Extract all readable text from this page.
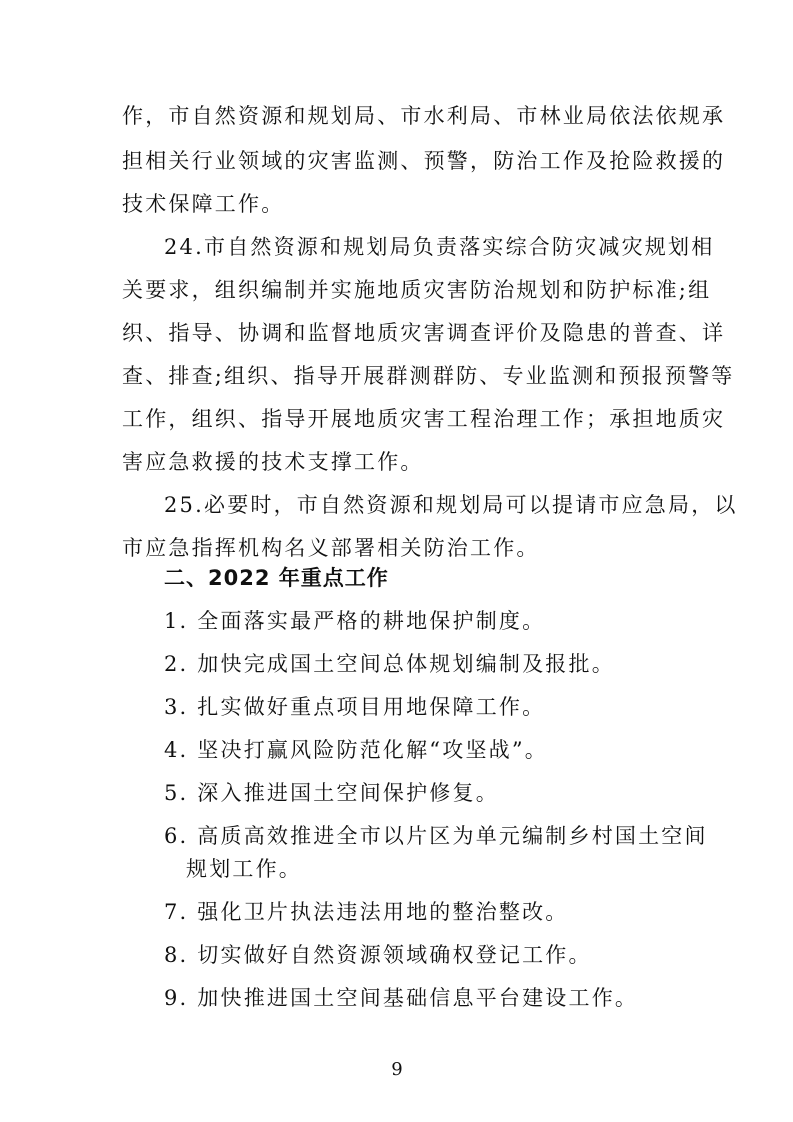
作，市自然资源和规划局、市水利局、市林业局依法依规承
担相关行业领域的灾害监测、预警，防治工作及抢险救援的
技术保障工作。
24.市自然资源和规划局负责落实综合防灾减灾规划相
关要求，组织编制并实施地质灾害防治规划和防护标准;组
织、指导、协调和监督地质灾害调查评价及隐患的普查、详
查、排查;组织、指导开展群测群防、专业监测和预报预警等
工作，组织、指导开展地质灾害工程治理工作；承担地质灾
害应急救援的技术支撑工作。
25.必要时，市自然资源和规划局可以提请市应急局，以
市应急指挥机构名义部署相关防治工作。
二、2022 年重点工作
1. 全面落实最严格的耕地保护制度。
2. 加快完成国土空间总体规划编制及报批。
3. 扎实做好重点项目用地保障工作。
4. 坚决打赢风险防范化解“攻坚战”。
5. 深入推进国土空间保护修复。
6. 高质高效推进全市以片区为单元编制乡村国土空间
规划工作。
7. 强化卫片执法违法用地的整治整改。
8. 切实做好自然资源领域确权登记工作。
9. 加快推进国土空间基础信息平台建设工作。
9
